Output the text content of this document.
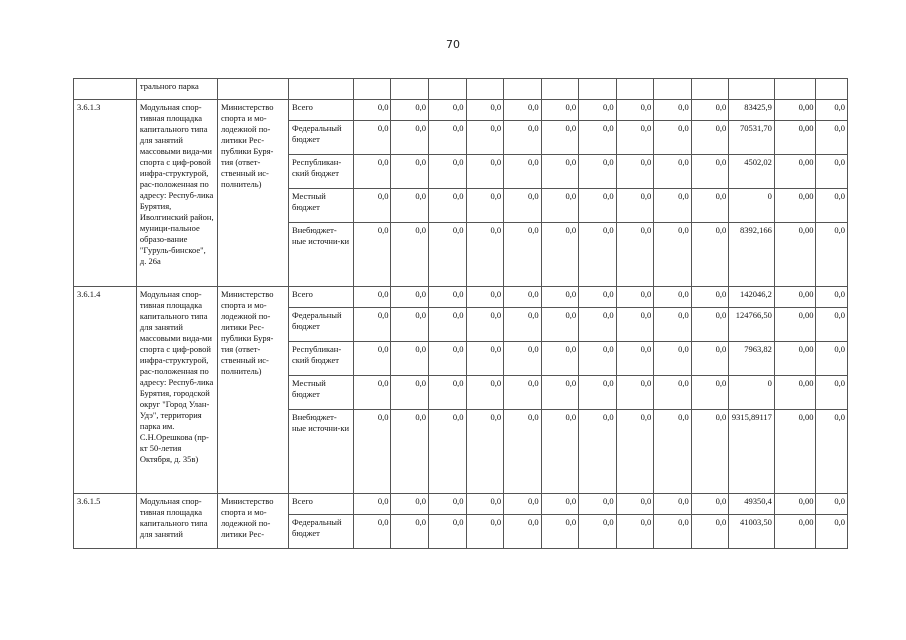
70
	трального парка															
3.6.1.3	Модульная спор-тивная площадка капитального типа для занятий массовыми вида-ми спорта с циф-ровой инфра-структурой, рас-положенная по адресу: Респуб-лика Бурятия, Иволгинский район, муници-пальное образо-вание "Гуруль-бинское", д. 26а	Министерство спорта и мо-лодежной по-литики Рес-публики Буря-тия (ответ-ственный ис-полнитель)	Всего	0,0	0,0	0,0	0,0	0,0	0,0	0,0	0,0	0,0	0,0	83425,9	0,00	0,0
			Федеральный бюджет	0,0	0,0	0,0	0,0	0,0	0,0	0,0	0,0	0,0	0,0	70531,70	0,00	0,0
			Республикан-ский бюджет	0,0	0,0	0,0	0,0	0,0	0,0	0,0	0,0	0,0	0,0	4502,02	0,00	0,0
			Местный бюджет	0,0	0,0	0,0	0,0	0,0	0,0	0,0	0,0	0,0	0,0	0	0,00	0,0
			Внебюджет-ные источни-ки	0,0	0,0	0,0	0,0	0,0	0,0	0,0	0,0	0,0	0,0	8392,166	0,00	0,0
3.6.1.4	Модульная спор-тивная площадка капитального типа для занятий массовыми вида-ми спорта с циф-ровой инфра-структурой, рас-положенная по адресу: Респуб-лика Бурятия, городской округ "Город Улан-Удэ", территория парка им. С.Н.Орешкова (пр-кт 50-летия Октября, д. 35в)	Министерство спорта и мо-лодежной по-литики Рес-публики Буря-тия (ответ-ственный ис-полнитель)	Всего	0,0	0,0	0,0	0,0	0,0	0,0	0,0	0,0	0,0	0,0	142046,2	0,00	0,0
			Федеральный бюджет	0,0	0,0	0,0	0,0	0,0	0,0	0,0	0,0	0,0	0,0	124766,50	0,00	0,0
			Республикан-ский бюджет	0,0	0,0	0,0	0,0	0,0	0,0	0,0	0,0	0,0	0,0	7963,82	0,00	0,0
			Местный бюджет	0,0	0,0	0,0	0,0	0,0	0,0	0,0	0,0	0,0	0,0	0	0,00	0,0
			Внебюджет-ные источни-ки	0,0	0,0	0,0	0,0	0,0	0,0	0,0	0,0	0,0	0,0	9315,89117	0,00	0,0
3.6.1.5	Модульная спор-тивная площадка капитального типа для занятий	Министерство спорта и мо-лодежной по-литики Рес-	Всего	0,0	0,0	0,0	0,0	0,0	0,0	0,0	0,0	0,0	0,0	49350,4	0,00	0,0
			Федеральный бюджет	0,0	0,0	0,0	0,0	0,0	0,0	0,0	0,0	0,0	0,0	41003,50	0,00	0,0
